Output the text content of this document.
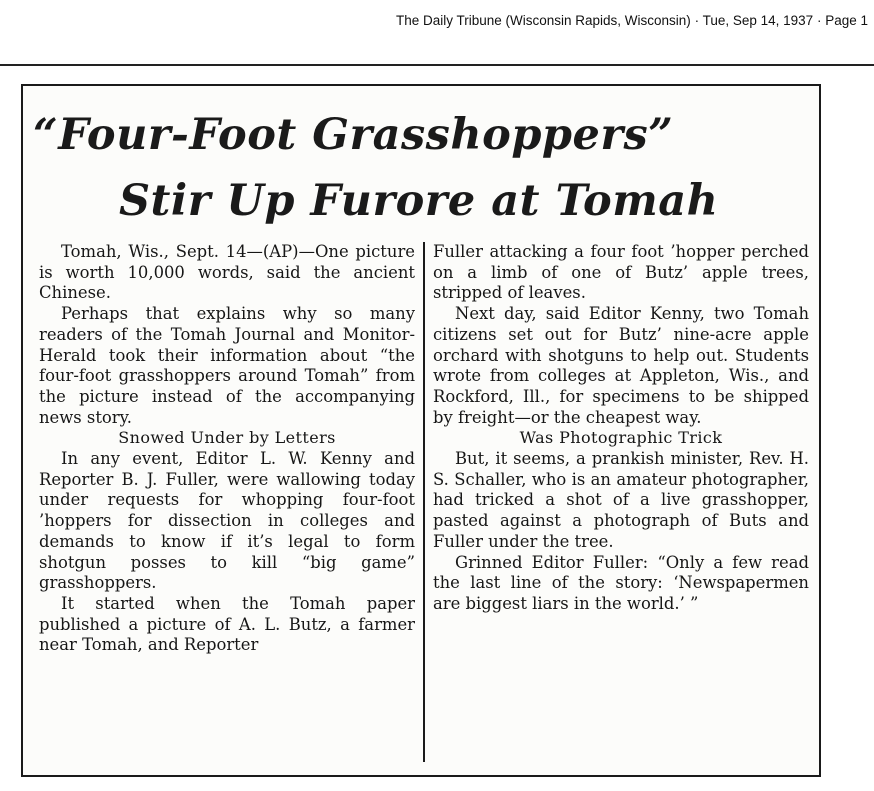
The Daily Tribune (Wisconsin Rapids, Wisconsin) · Tue, Sep 14, 1937 · Page 1
“Four-Foot Grasshoppers”
Stir Up Furore at Tomah

Tomah, Wis., Sept. 14—(AP)—One picture is worth 10,000 words, said the ancient Chinese.

Perhaps that explains why so many readers of the Tomah Journal and Monitor-Herald took their information about “the four-foot grasshoppers around Tomah” from the picture instead of the accompanying news story.

Snowed Under by Letters

In any event, Editor L. W. Kenny and Reporter B. J. Fuller, were wallowing today under requests for whopping four-foot ’hoppers for dissection in colleges and demands to know if it’s legal to form shotgun posses to kill “big game” grasshoppers.

It started when the Tomah paper published a picture of A. L. Butz, a farmer near Tomah, and Reporter

Fuller attacking a four foot ’hopper perched on a limb of one of Butz’ apple trees, stripped of leaves.

Next day, said Editor Kenny, two Tomah citizens set out for Butz’ nine-acre apple orchard with shotguns to help out. Students wrote from colleges at Appleton, Wis., and Rockford, Ill., for specimens to be shipped by freight—or the cheapest way.

Was Photographic Trick

But, it seems, a prankish minister, Rev. H. S. Schaller, who is an amateur photographer, had tricked a shot of a live grasshopper, pasted against a photograph of Buts and Fuller under the tree.

Grinned Editor Fuller: “Only a few read the last line of the story: ‘Newspapermen are biggest liars in the world.’ ”
